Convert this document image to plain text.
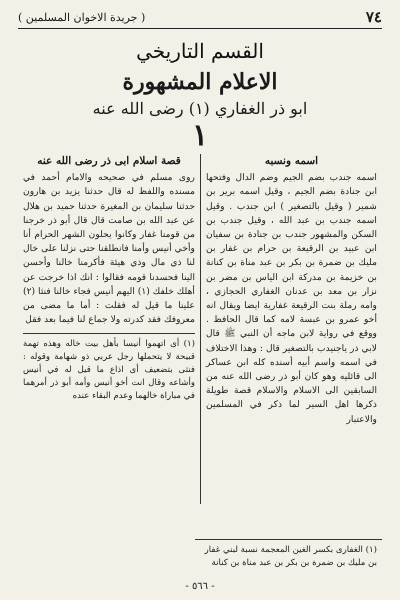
٧٤
( جريدة الاخوان المسلمين )
القسم التاريخي
الاعلام المشهورة
ابو ذر الغفاري (١) رضى الله عنه
١
اسمه ونسبه

اسمه جندب بضم الجيم وضم الدال وفتحها ابن جنادة بضم الجيم ، وقيل اسمه برير بن شمير ( وقيل بالتصغير ) ابن جندب . وقيل اسمه جندب بن عبد الله ، وقيل جندب بن السكن والمشهور جندب بن جنادة بن سفيان ابن عبيد بن الرقيعة بن حرام بن غفار بن مليك بن ضمرة بن بكر بن عبد مناة بن كنانة بن خزيمة بن مدركة ابن الياس بن مضر بن نزار بن معد بن عدنان الغفاري الحجازي ، وامه رملة بنت الرقيعة غفارية ايضا ويقال انه أخو عمرو بن عبسة لامه كما قال الحافظ . ووقع في رواية لابن ماجه أن النبي ﷺ قال لابي ذر ياجنيدب بالتصغير قال : وهذا الاختلاف في اسمه واسم أبيه أسنده كله ابن عساكر الى قائليه وهو كان أبو ذر رضى الله عنه من السابقين الى الاسلام والاسلام قصة طويلة ذكرها اهل السير لما ذكر في المسلمين والاعتبار

قصة اسلام ابى ذر رضى الله عنه

روى مسلم في صحيحه والامام أحمد في مسنده واللفظ له قال حدثنا يزيد بن هارون حدثنا سليمان بن المغيرة حدثنا حميد بن هلال عن عبد الله بن صامت قال قال أبو ذر خرجنا من قومنا غفار وكانوا يحلون الشهر الحرام أنا وأخي أنيس وأمنا فانطلقنا حتى نزلنا على خال لنا ذي مال وذي هيئة فأكرمنا خالنا وأحسن الينا فحسدنا قومه فقالوا : انك اذا خرجت عن أهلك خلفك (١) اليهم أنيس فجاء خالنا فنثا (٢) علينا ما قيل له فقلت : أما ما مضى من معروفك فقد كدرته ولا جماع لنا فيما بعد فقل

(١) أى اتهموا أنيسا بأهل بيت خاله وهذه تهمة قبيحة لا يتحملها رجل عربي ذو شهامة وقوله : فنثى بتضعيف أى اذاع ما قيل له في أنيس وأشاعه وقال انت أخو أنيس وأمه أبو ذر أمرهما في مباراة خالهما وعدم البقاء عنده
(١) الغفارى بكسر الغين المعجمة نسبة لبني غفار بن مليك بن ضمرة بن بكر بن عبد مناة بن كنانة
- ٥٦٦ -
